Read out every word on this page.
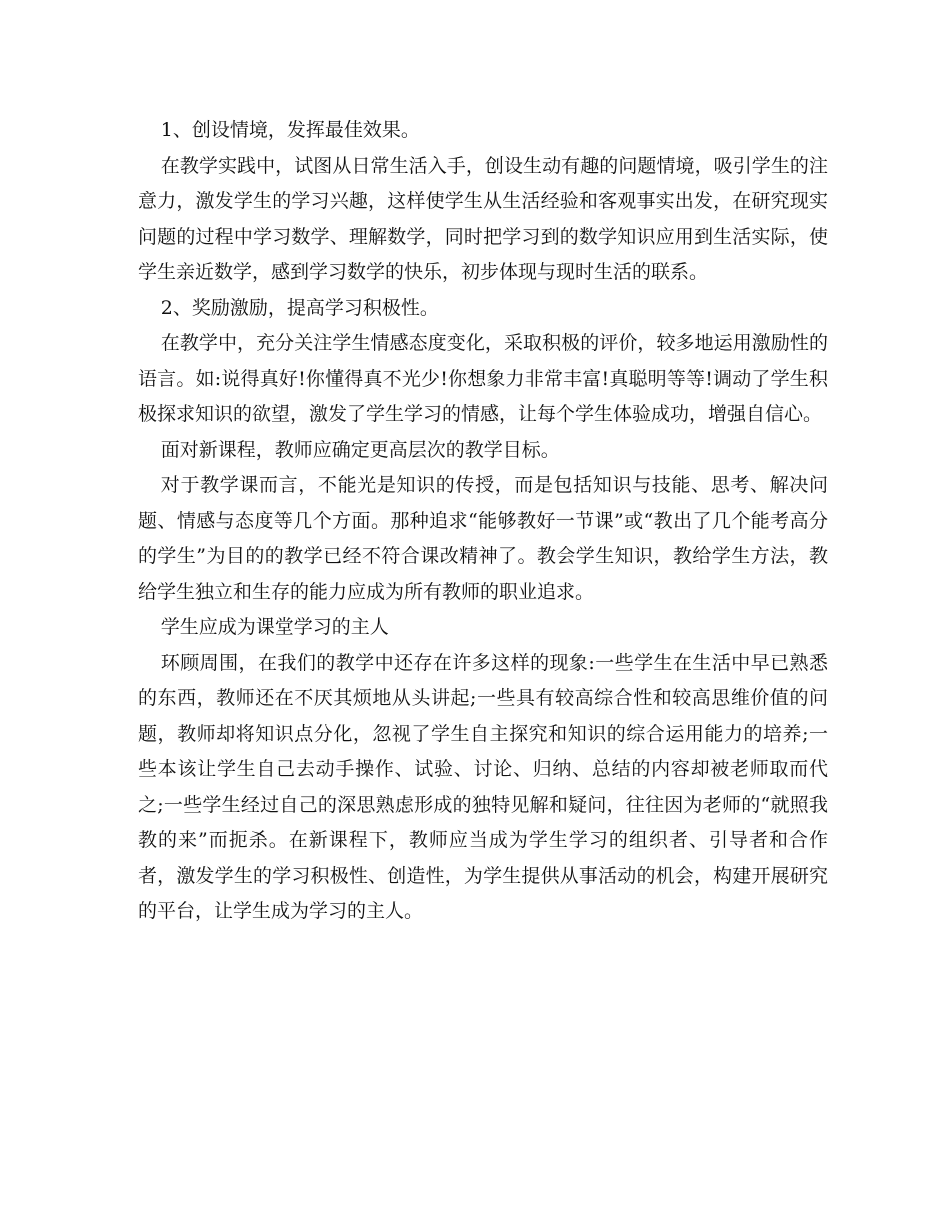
1、创设情境，发挥最佳效果。

在教学实践中，试图从日常生活入手，创设生动有趣的问题情境，吸引学生的注意力，激发学生的学习兴趣，这样使学生从生活经验和客观事实出发，在研究现实问题的过程中学习数学、理解数学，同时把学习到的数学知识应用到生活实际，使学生亲近数学，感到学习数学的快乐，初步体现与现时生活的联系。

2、奖励激励，提高学习积极性。

在教学中，充分关注学生情感态度变化，采取积极的评价，较多地运用激励性的语言。如:说得真好!你懂得真不光少!你想象力非常丰富!真聪明等等!调动了学生积极探求知识的欲望，激发了学生学习的情感，让每个学生体验成功，增强自信心。

面对新课程，教师应确定更高层次的教学目标。

对于教学课而言，不能光是知识的传授，而是包括知识与技能、思考、解决问题、情感与态度等几个方面。那种追求“能够教好一节课”或“教出了几个能考高分的学生”为目的的教学已经不符合课改精神了。教会学生知识，教给学生方法，教给学生独立和生存的能力应成为所有教师的职业追求。

学生应成为课堂学习的主人

环顾周围，在我们的教学中还存在许多这样的现象:一些学生在生活中早已熟悉的东西，教师还在不厌其烦地从头讲起;一些具有较高综合性和较高思维价值的问题，教师却将知识点分化，忽视了学生自主探究和知识的综合运用能力的培养;一些本该让学生自己去动手操作、试验、讨论、归纳、总结的内容却被老师取而代之;一些学生经过自己的深思熟虑形成的独特见解和疑问，往往因为老师的“就照我教的来”而扼杀。在新课程下，教师应当成为学生学习的组织者、引导者和合作者，激发学生的学习积极性、创造性，为学生提供从事活动的机会，构建开展研究的平台，让学生成为学习的主人。
